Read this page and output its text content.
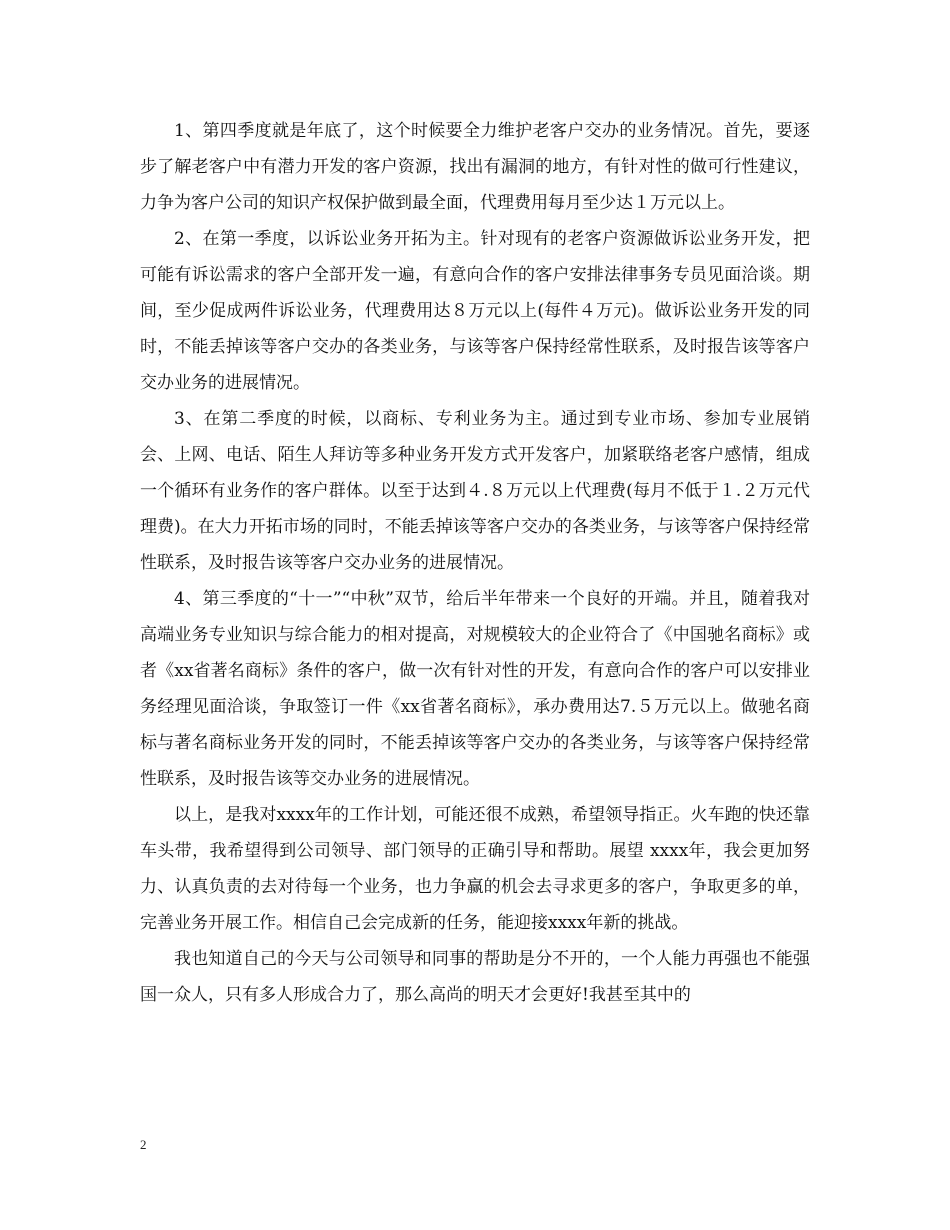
1、第四季度就是年底了，这个时候要全力维护老客户交办的业务情况。首先，要逐步了解老客户中有潜力开发的客户资源，找出有漏洞的地方，有针对性的做可行性建议，力争为客户公司的知识产权保护做到最全面，代理费用每月至少达１万元以上。

2、在第一季度，以诉讼业务开拓为主。针对现有的老客户资源做诉讼业务开发，把可能有诉讼需求的客户全部开发一遍，有意向合作的客户安排法律事务专员见面洽谈。期间，至少促成两件诉讼业务，代理费用达８万元以上(每件４万元)。做诉讼业务开发的同时，不能丢掉该等客户交办的各类业务，与该等客户保持经常性联系，及时报告该等客户交办业务的进展情况。

3、在第二季度的时候，以商标、专利业务为主。通过到专业市场、参加专业展销会、上网、电话、陌生人拜访等多种业务开发方式开发客户，加紧联络老客户感情，组成一个循环有业务作的客户群体。以至于达到４.８万元以上代理费(每月不低于１.２万元代理费)。在大力开拓市场的同时，不能丢掉该等客户交办的各类业务，与该等客户保持经常性联系，及时报告该等客户交办业务的进展情况。

4、第三季度的“十一”“中秋”双节，给后半年带来一个良好的开端。并且，随着我对高端业务专业知识与综合能力的相对提高，对规模较大的企业符合了《中国驰名商标》或者《xx省著名商标》条件的客户，做一次有针对性的开发，有意向合作的客户可以安排业务经理见面洽谈，争取签订一件《xx省著名商标》，承办费用达7.５万元以上。做驰名商标与著名商标业务开发的同时，不能丢掉该等客户交办的各类业务，与该等客户保持经常性联系，及时报告该等交办业务的进展情况。

以上，是我对xxxx年的工作计划，可能还很不成熟，希望领导指正。火车跑的快还靠车头带，我希望得到公司领导、部门领导的正确引导和帮助。展望 xxxx年，我会更加努力、认真负责的去对待每一个业务，也力争赢的机会去寻求更多的客户，争取更多的单，完善业务开展工作。相信自己会完成新的任务，能迎接xxxx年新的挑战。

我也知道自己的今天与公司领导和同事的帮助是分不开的，一个人能力再强也不能强国一众人，只有多人形成合力了，那么高尚的明天才会更好!我甚至其中的

2
